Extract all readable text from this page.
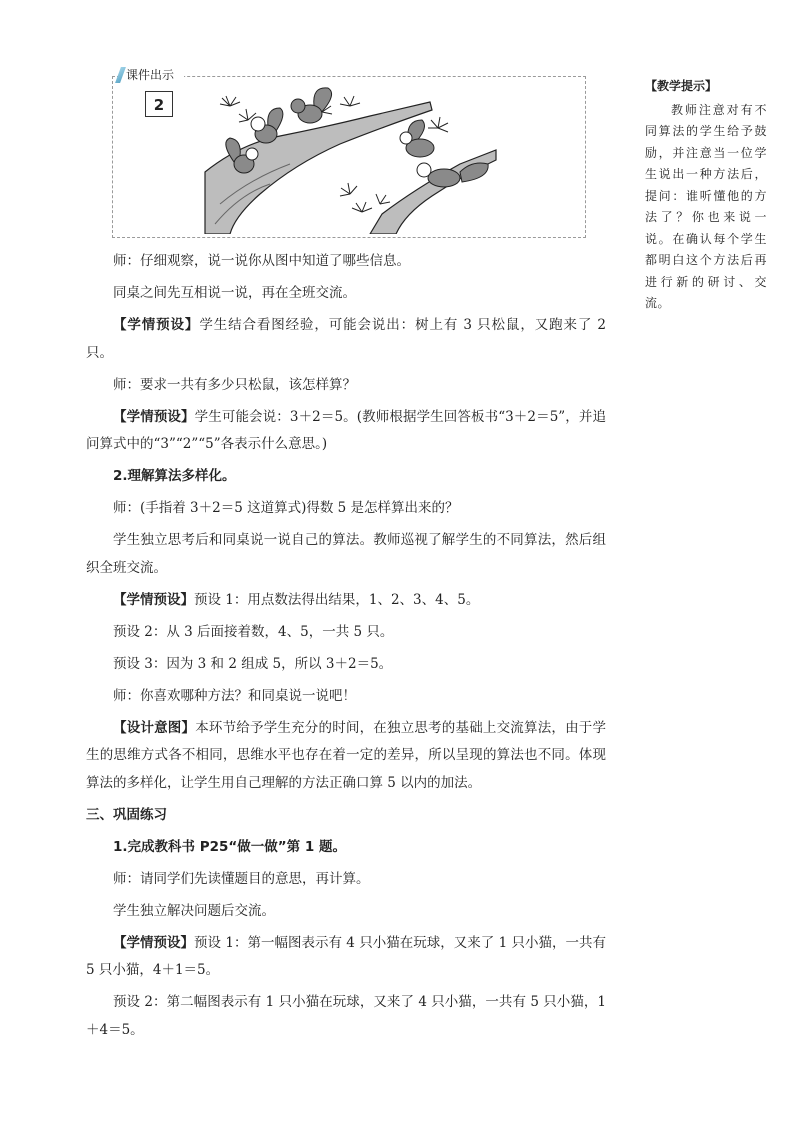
课件出示
2

师：仔细观察，说一说你从图中知道了哪些信息。

同桌之间先互相说一说，再在全班交流。

【学情预设】学生结合看图经验，可能会说出：树上有 3 只松鼠，又跑来了 2 只。

师：要求一共有多少只松鼠，该怎样算？

【学情预设】学生可能会说：3＋2＝5。(教师根据学生回答板书“3＋2＝5”，并追问算式中的“3”“2”“5”各表示什么意思。)

2.理解算法多样化。

师：(手指着 3＋2＝5 这道算式)得数 5 是怎样算出来的？

学生独立思考后和同桌说一说自己的算法。教师巡视了解学生的不同算法，然后组织全班交流。

【学情预设】预设 1：用点数法得出结果，1、2、3、4、5。

预设 2：从 3 后面接着数，4、5，一共 5 只。

预设 3：因为 3 和 2 组成 5，所以 3＋2＝5。

师：你喜欢哪种方法？和同桌说一说吧！

【设计意图】本环节给予学生充分的时间，在独立思考的基础上交流算法，由于学生的思维方式各不相同，思维水平也存在着一定的差异，所以呈现的算法也不同。体现算法的多样化，让学生用自己理解的方法正确口算 5 以内的加法。

三、巩固练习

1.完成教科书 P25“做一做”第 1 题。

师：请同学们先读懂题目的意思，再计算。

学生独立解决问题后交流。

【学情预设】预设 1：第一幅图表示有 4 只小猫在玩球，又来了 1 只小猫，一共有 5 只小猫，4＋1＝5。

预设 2：第二幅图表示有 1 只小猫在玩球，又来了 4 只小猫，一共有 5 只小猫，1＋4＝5。

【教学提示】
教师注意对有不同算法的学生给予鼓励，并注意当一位学生说出一种方法后，提问：谁听懂他的方法了？你也来说一说。在确认每个学生都明白这个方法后再进行新的研讨、交流。
